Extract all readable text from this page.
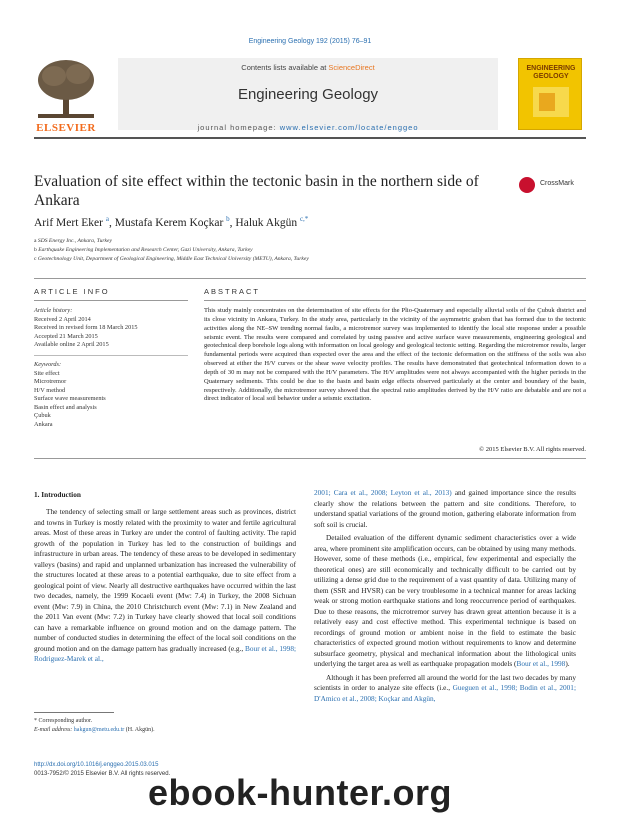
Engineering Geology 192 (2015) 76–91
Contents lists available at ScienceDirect
Engineering Geology
journal homepage: www.elsevier.com/locate/enggeo
ELSEVIER
ENGINEERING GEOLOGY
Evaluation of site effect within the tectonic basin in the northern side of Ankara
CrossMark
Arif Mert Eker $^a$, Mustafa Kerem Koçkar $^b$, Haluk Akgün $^{c,*}$
a SDS Energy Inc., Ankara, Turkey
b Earthquake Engineering Implementation and Research Center, Gazi University, Ankara, Turkey
c Geotechnology Unit, Department of Geological Engineering, Middle East Technical University (METU), Ankara, Turkey
ARTICLE INFO	ABSTRACT
Article history:
Received 2 April 2014
Received in revised form 18 March 2015
Accepted 21 March 2015
Available online 2 April 2015
Keywords:
Site effect
Microtremor
H/V method
Surface wave measurements
Basin effect and analysis
Çubuk
Ankara
This study mainly concentrates on the determination of site effects for the Plio-Quaternary and especially alluvial soils of the Çubuk district and its close vicinity in Ankara, Turkey. In the study area, particularly in the vicinity of the asymmetric graben that has formed due to the tectonic activities along the NE–SW trending normal faults, a microtremor survey was implemented to identify the local site response under a possible seismic event. The results were compared and correlated by using passive and active surface wave measurements, engineering geological and geotechnical deep borehole logs along with information on local geology and geological tectonic setting. Regarding the microtremor results, larger fundamental periods were acquired than expected over the area and the effect of the tectonic deformation on the stiffness of the soils was also observed at either the H/V curves or the shear wave velocity profiles. The results have demonstrated that geotechnical information down to a depth of 30 m may not be compared with the H/V parameters. The H/V amplitudes were not always accompanied with the higher periods in the Quaternary sediments. This could be due to the basin and basin edge effects observed particularly at the center and boundary of the basin, respectively. Additionally, the microtremor survey showed that the spectral ratio amplitudes derived by the H/V ratio are debatable and are not a direct indicator of local soil behavior under a seismic excitation.
© 2015 Elsevier B.V. All rights reserved.
1. Introduction
The tendency of selecting small or large settlement areas such as provinces, district and towns in Turkey is mostly related with the proximity to water and fertile agricultural areas. Most of these areas in Turkey are under the control of faulting activity. The rapid growth of the population in Turkey has led to the construction of buildings and infrastructure in urban areas. The tendency of these areas to be developed in sedimentary valleys (basins) and rapid and unplanned urbanization has increased the vulnerability of the structures located at these areas to a potential earthquake, due to site effect from a geological point of view. Nearly all destructive earthquakes have occurred within the last two decades, namely, the 1999 Kocaeli event (Mw: 7.4) in Turkey, the 2008 Sichuan event (Mw: 7.9) in China, the 2010 Christchurch event (Mw: 7.1) in New Zealand and the 2011 Van event (Mw: 7.2) in Turkey have clearly showed that local soil conditions can have a remarkable influence on ground motion and on the damage pattern. The number of conducted studies in determining the effect of the local soil conditions on the ground motion and on the damage pattern has gradually increased (e.g., Bour et al., 1998; Rodriguez-Marek et al.,

2001; Cara et al., 2008; Leyton et al., 2013) and gained importance since the results clearly show the relations between the pattern and site conditions. Therefore, to understand spatial variations of the ground motion, gathering elaborate information from soft soil is crucial.

Detailed evaluation of the different dynamic sediment characteristics over a wide area, where prominent site amplification occurs, can be obtained by using many methods. However, some of these methods (i.e., empirical, few experimental and especially the theoretical ones) are still economically and technically difficult to be carried out by utilizing a dense grid due to the requirement of a vast quantity of data. Utilizing many of them (SSR and HVSR) can be very troublesome in a technical manner for areas lacking weak or strong motion earthquake stations and long reoccurrence period of earthquakes. Due to these reasons, the microtremor survey has drawn great attention because it is a relatively easy and cost effective method. This experimental technique is based on recordings of ground motion or ambient noise in the field to estimate the basic characteristics of expected ground motion without requirements to know and determine subsurface geometry, physical and mechanical information about the lithological units underlying the target area as well as earthquake propagation models (Bour et al., 1998).

Although it has been preferred all around the world for the last two decades by many scientists in order to analyze site effects (i.e., Gueguen et al., 1998; Bodin et al., 2001; D'Amico et al., 2008; Koçkar and Akgün,

* Corresponding author.
E-mail address: hakgun@metu.edu.tr (H. Akgün).
http://dx.doi.org/10.1016/j.enggeo.2015.03.015
0013-7952/© 2015 Elsevier B.V. All rights reserved.
ebook-hunter.org
